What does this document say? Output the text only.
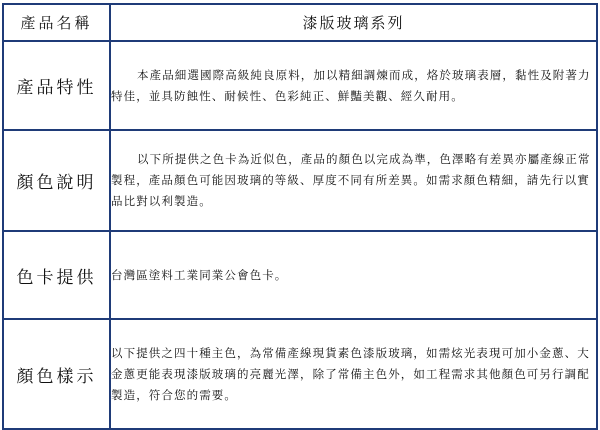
產品名稱	漆版玻璃系列
產品特性	本產品細選國際高級純良原料，加以精細調煉而成，烙於玻璃表層，黏性及附著力特佳，並具防蝕性、耐候性、色彩純正、鮮豔美觀、經久耐用。

顏色說明	以下所提供之色卡為近似色，產品的顏色以完成為準，色澤略有差異亦屬產線正常製程，產品顏色可能因玻璃的等級、厚度不同有所差異。如需求顏色精細，請先行以實品比對以利製造。

色卡提供	台灣區塗料工業同業公會色卡。

顏色樣示	以下提供之四十種主色，為常備產線現貨素色漆版玻璃，如需炫光表現可加小金蔥、大金蔥更能表現漆版玻璃的亮麗光澤，除了常備主色外，如工程需求其他顏色可另行調配製造，符合您的需要。
